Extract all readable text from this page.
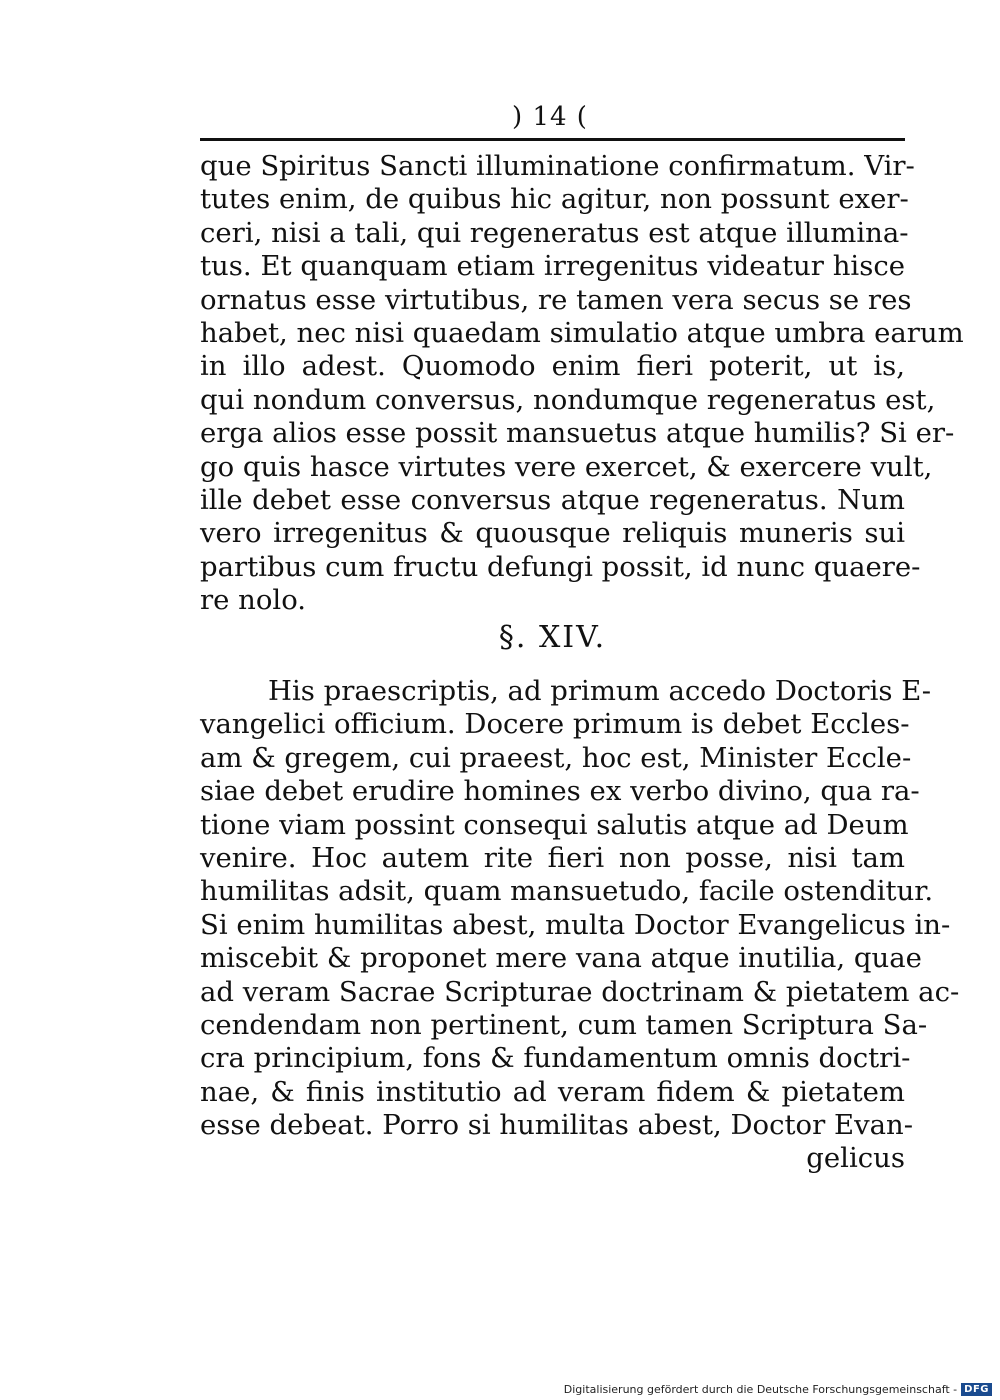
) 14 (
que Spiritus Sancti illuminatione confirmatum. Vir-
tutes enim, de quibus hic agitur, non possunt exer-
ceri, nisi a tali, qui regeneratus est atque illumina-
tus. Et quanquam etiam irregenitus videatur hisce
ornatus esse virtutibus, re tamen vera secus se res
habet, nec nisi quaedam simulatio atque umbra earum
in illo adest. Quomodo enim fieri poterit, ut is,
qui nondum conversus, nondumque regeneratus est,
erga alios esse possit mansuetus atque humilis? Si er-
go quis hasce virtutes vere exercet, & exercere vult,
ille debet esse conversus atque regeneratus. Num
vero irregenitus & quousque reliquis muneris sui
partibus cum fructu defungi possit, id nunc quaere-
re nolo.
§. XIV.
His praescriptis, ad primum accedo Doctoris E-
vangelici officium. Docere primum is debet Eccles-
am & gregem, cui praeest, hoc est, Minister Eccle-
siae debet erudire homines ex verbo divino, qua ra-
tione viam possint consequi salutis atque ad Deum
venire. Hoc autem rite fieri non posse, nisi tam
humilitas adsit, quam mansuetudo, facile ostenditur.
Si enim humilitas abest, multa Doctor Evangelicus in-
miscebit & proponet mere vana atque inutilia, quae
ad veram Sacrae Scripturae doctrinam & pietatem ac-
cendendam non pertinent, cum tamen Scriptura Sa-
cra principium, fons & fundamentum omnis doctri-
nae, & finis institutio ad veram fidem & pietatem
esse debeat. Porro si humilitas abest, Doctor Evan-
gelicus
Digitalisierung gefördert durch die Deutsche Forschungsgemeinschaft - DFG
